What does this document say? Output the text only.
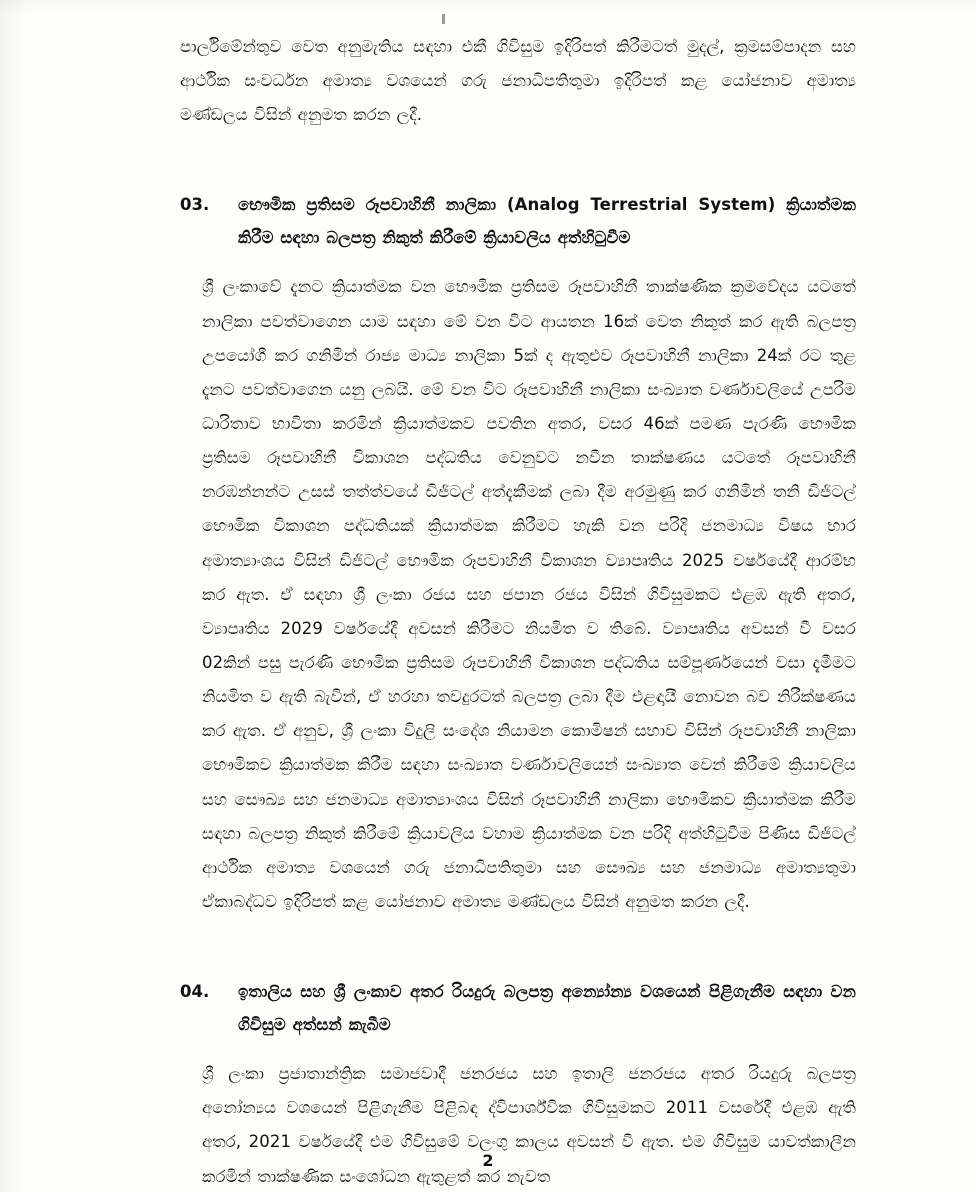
පාර්ලිමේන්තුව වෙත අනුමැතිය සඳහා එකී ගිවිසුම ඉදිරිපත් කිරීමටත් මුදල්, ක්‍රමසම්පාදන සහ ආර්ථික සංවර්ධන අමාත්‍ය වශයෙන් ගරු ජනාධිපතිතුමා ඉදිරිපත් කළ යෝජනාව අමාත්‍ය මණ්ඩලය විසින් අනුමත කරන ලදී.

03.	භෞමික ප්‍රතිසම රූපවාහිනී නාලිකා (Analog Terrestrial System) ක්‍රියාත්මක කිරීම සඳහා බලපත්‍ර නිකුත් කිරීමේ ක්‍රියාවලිය අත්හිටුවීම

ශ්‍රී ලංකාවේ දැනට ක්‍රියාත්මක වන භෞමික ප්‍රතිසම රූපවාහිනී තාක්ෂණික ක්‍රමවේදය යටතේ නාලිකා පවත්වාගෙන යාම සඳහා මේ වන විට ආයතන 16ක් වෙත නිකුත් කර ඇති බලපත්‍ර උපයෝගී කර ගනිමින් රාජ්‍ය මාධ්‍ය නාලිකා 5ක් ද ඇතුළුව රූපවාහිනී නාලිකා 24ක් රට තුළ දැනට පවත්වාගෙන යනු ලබයි. මේ වන විට රූපවාහිනී නාලිකා සංඛ්‍යාත වර්ණාවලියේ උපරිම ධාරිතාව භාවිතා කරමින් ක්‍රියාත්මකව පවතින අතර, වසර 46ක් පමණ පැරණි භෞමික ප්‍රතිසම රූපවාහිනී විකාශන පද්ධතිය වෙනුවට නවීන තාක්ෂණය යටතේ රූපවාහිනී නරඹන්නන්ට උසස් තත්ත්වයේ ඩිජිටල් අත්දැකීමක් ලබා දීම අරමුණු කර ගනිමින් තනි ඩිජිටල් භෞමික විකාශන පද්ධතියක් ක්‍රියාත්මක කිරීමට හැකි වන පරිදි ජනමාධ්‍ය විෂය භාර අමාත්‍යාංශය විසින් ඩිජිටල් භෞමික රූපවාහිනී විකාශන ව්‍යාපෘතිය 2025 වර්ෂයේදී ආරම්භ කර ඇත. ඒ සඳහා ශ්‍රී ලංකා රජය සහ ජපාන රජය විසින් ගිවිසුමකට එළඹ ඇති අතර, ව්‍යාපෘතිය 2029 වර්ෂයේදී අවසන් කිරීමට නියමිත ව තිබේ. ව්‍යාපෘතිය අවසන් වී වසර 02කින් පසු පැරණි භෞමික ප්‍රතිසම රූපවාහිනී විකාශන පද්ධතිය සම්පූර්ණයෙන් වසා දැමීමට නියමිත ව ඇති බැවින්, ඒ හරහා තවදුරටත් බලපත්‍ර ලබා දීම එළඳායී නොවන බව නිරීක්ෂණය කර ඇත. ඒ අනුව, ශ්‍රී ලංකා විදුලි සංදේශ නියාමන කොමිෂන් සභාව විසින් රූපවාහිනී නාලිකා භෞමිකව ක්‍රියාත්මක කිරීම සඳහා සංඛ්‍යාත වර්ණාවලියෙන් සංඛ්‍යාත වෙන් කිරීමේ ක්‍රියාවලිය සහ සෞඛ්‍ය සහ ජනමාධ්‍ය අමාත්‍යාංශය විසින් රූපවාහිනී නාලිකා භෞමිකව ක්‍රියාත්මක කිරීම සඳහා බලපත්‍ර නිකුත් කිරීමේ ක්‍රියාවලිය වහාම ක්‍රියාත්මක වන පරිදි අත්හිටුවීම පිණිස ඩිජිටල් ආර්ථික අමාත්‍ය වශයෙන් ගරු ජනාධිපතිතුමා සහ සෞඛ්‍ය සහ ජනමාධ්‍ය අමාත්‍යතුමා ඒකාබද්ධව ඉදිරිපත් කළ යෝජනාව අමාත්‍ය මණ්ඩලය විසින් අනුමත කරන ලදී.

04.	ඉතාලිය සහ ශ්‍රී ලංකාව අතර රියදුරු බලපත්‍ර අන්‍යෝන්‍ය වශයෙන් පිළිගැනීම සඳහා වන ගිවිසුම අත්සන් කැබීම

ශ්‍රී ලංකා ප්‍රජාතාන්ත්‍රික සමාජවාදී ජනරජය සහ ඉතාලි ජනරජය අතර රියදුරු බලපත්‍ර අනෝන්‍යය වශයෙන් පිළිගැනීම පිළිබඳ ද්විපාර්ශ්වික ගිවිසුමකට 2011 වසරේදී එළඹ ඇති අතර, 2021 වර්ෂයේදී එම ගිවිසුමේ වලංගු කාලය අවසන් වී ඇත. එම ගිවිසුම යාවත්කාලීන කරමින් තාක්ෂණික සංශෝධන ඇතුළත් කර නැවත

2
